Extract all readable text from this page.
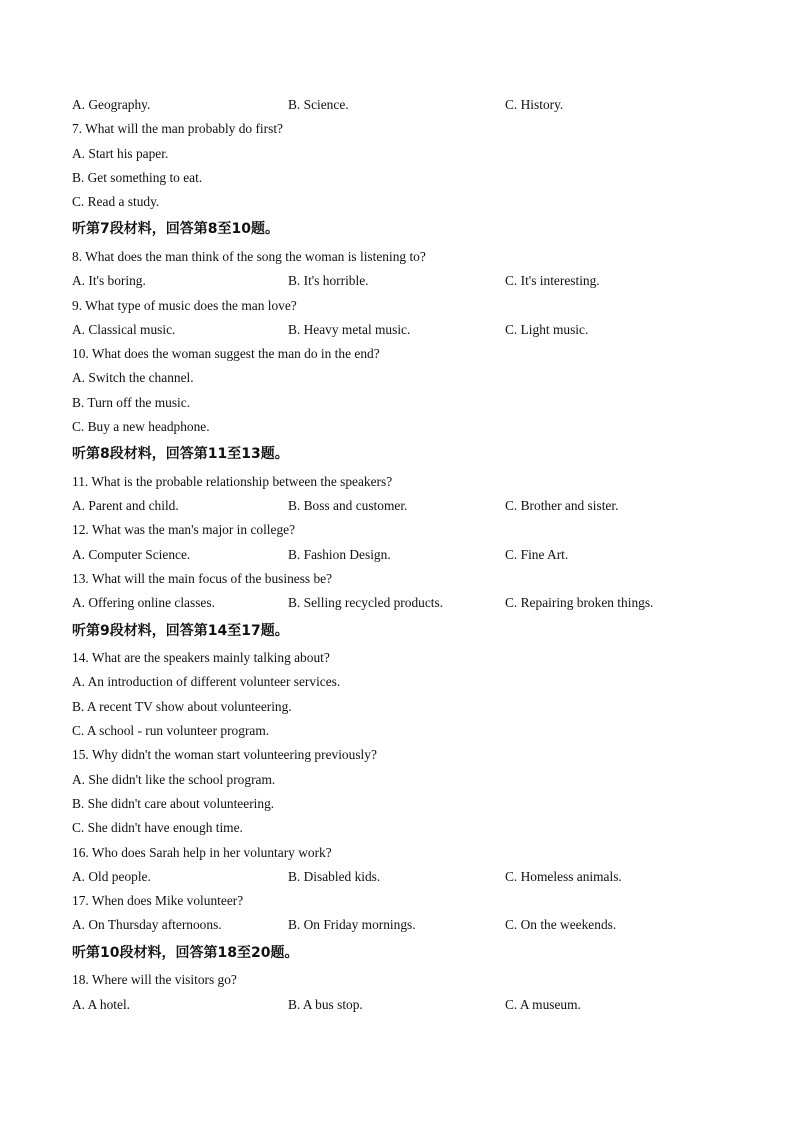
A. Geography.	B. Science.	C. History.
7. What will the man probably do first?
A. Start his paper.
B. Get something to eat.
C. Read a study.
听第7段材料，回答第8至10题。
8. What does the man think of the song the woman is listening to?
A. It's boring.	B. It's horrible.	C. It's interesting.
9. What type of music does the man love?
A. Classical music.	B. Heavy metal music.	C. Light music.
10. What does the woman suggest the man do in the end?
A. Switch the channel.
B. Turn off the music.
C. Buy a new headphone.
听第8段材料，回答第11至13题。
11. What is the probable relationship between the speakers?
A. Parent and child.	B. Boss and customer.	C. Brother and sister.
12. What was the man's major in college?
A. Computer Science.	B. Fashion Design.	C. Fine Art.
13. What will the main focus of the business be?
A. Offering online classes.	B. Selling recycled products.	C. Repairing broken things.
听第9段材料，回答第14至17题。
14. What are the speakers mainly talking about?
A. An introduction of different volunteer services.
B. A recent TV show about volunteering.
C. A school - run volunteer program.
15. Why didn't the woman start volunteering previously?
A. She didn't like the school program.
B. She didn't care about volunteering.
C. She didn't have enough time.
16. Who does Sarah help in her voluntary work?
A. Old people.	B. Disabled kids.	C. Homeless animals.
17. When does Mike volunteer?
A. On Thursday afternoons.	B. On Friday mornings.	C. On the weekends.
听第10段材料，回答第18至20题。
18. Where will the visitors go?
A. A hotel.	B. A bus stop.	C. A museum.
